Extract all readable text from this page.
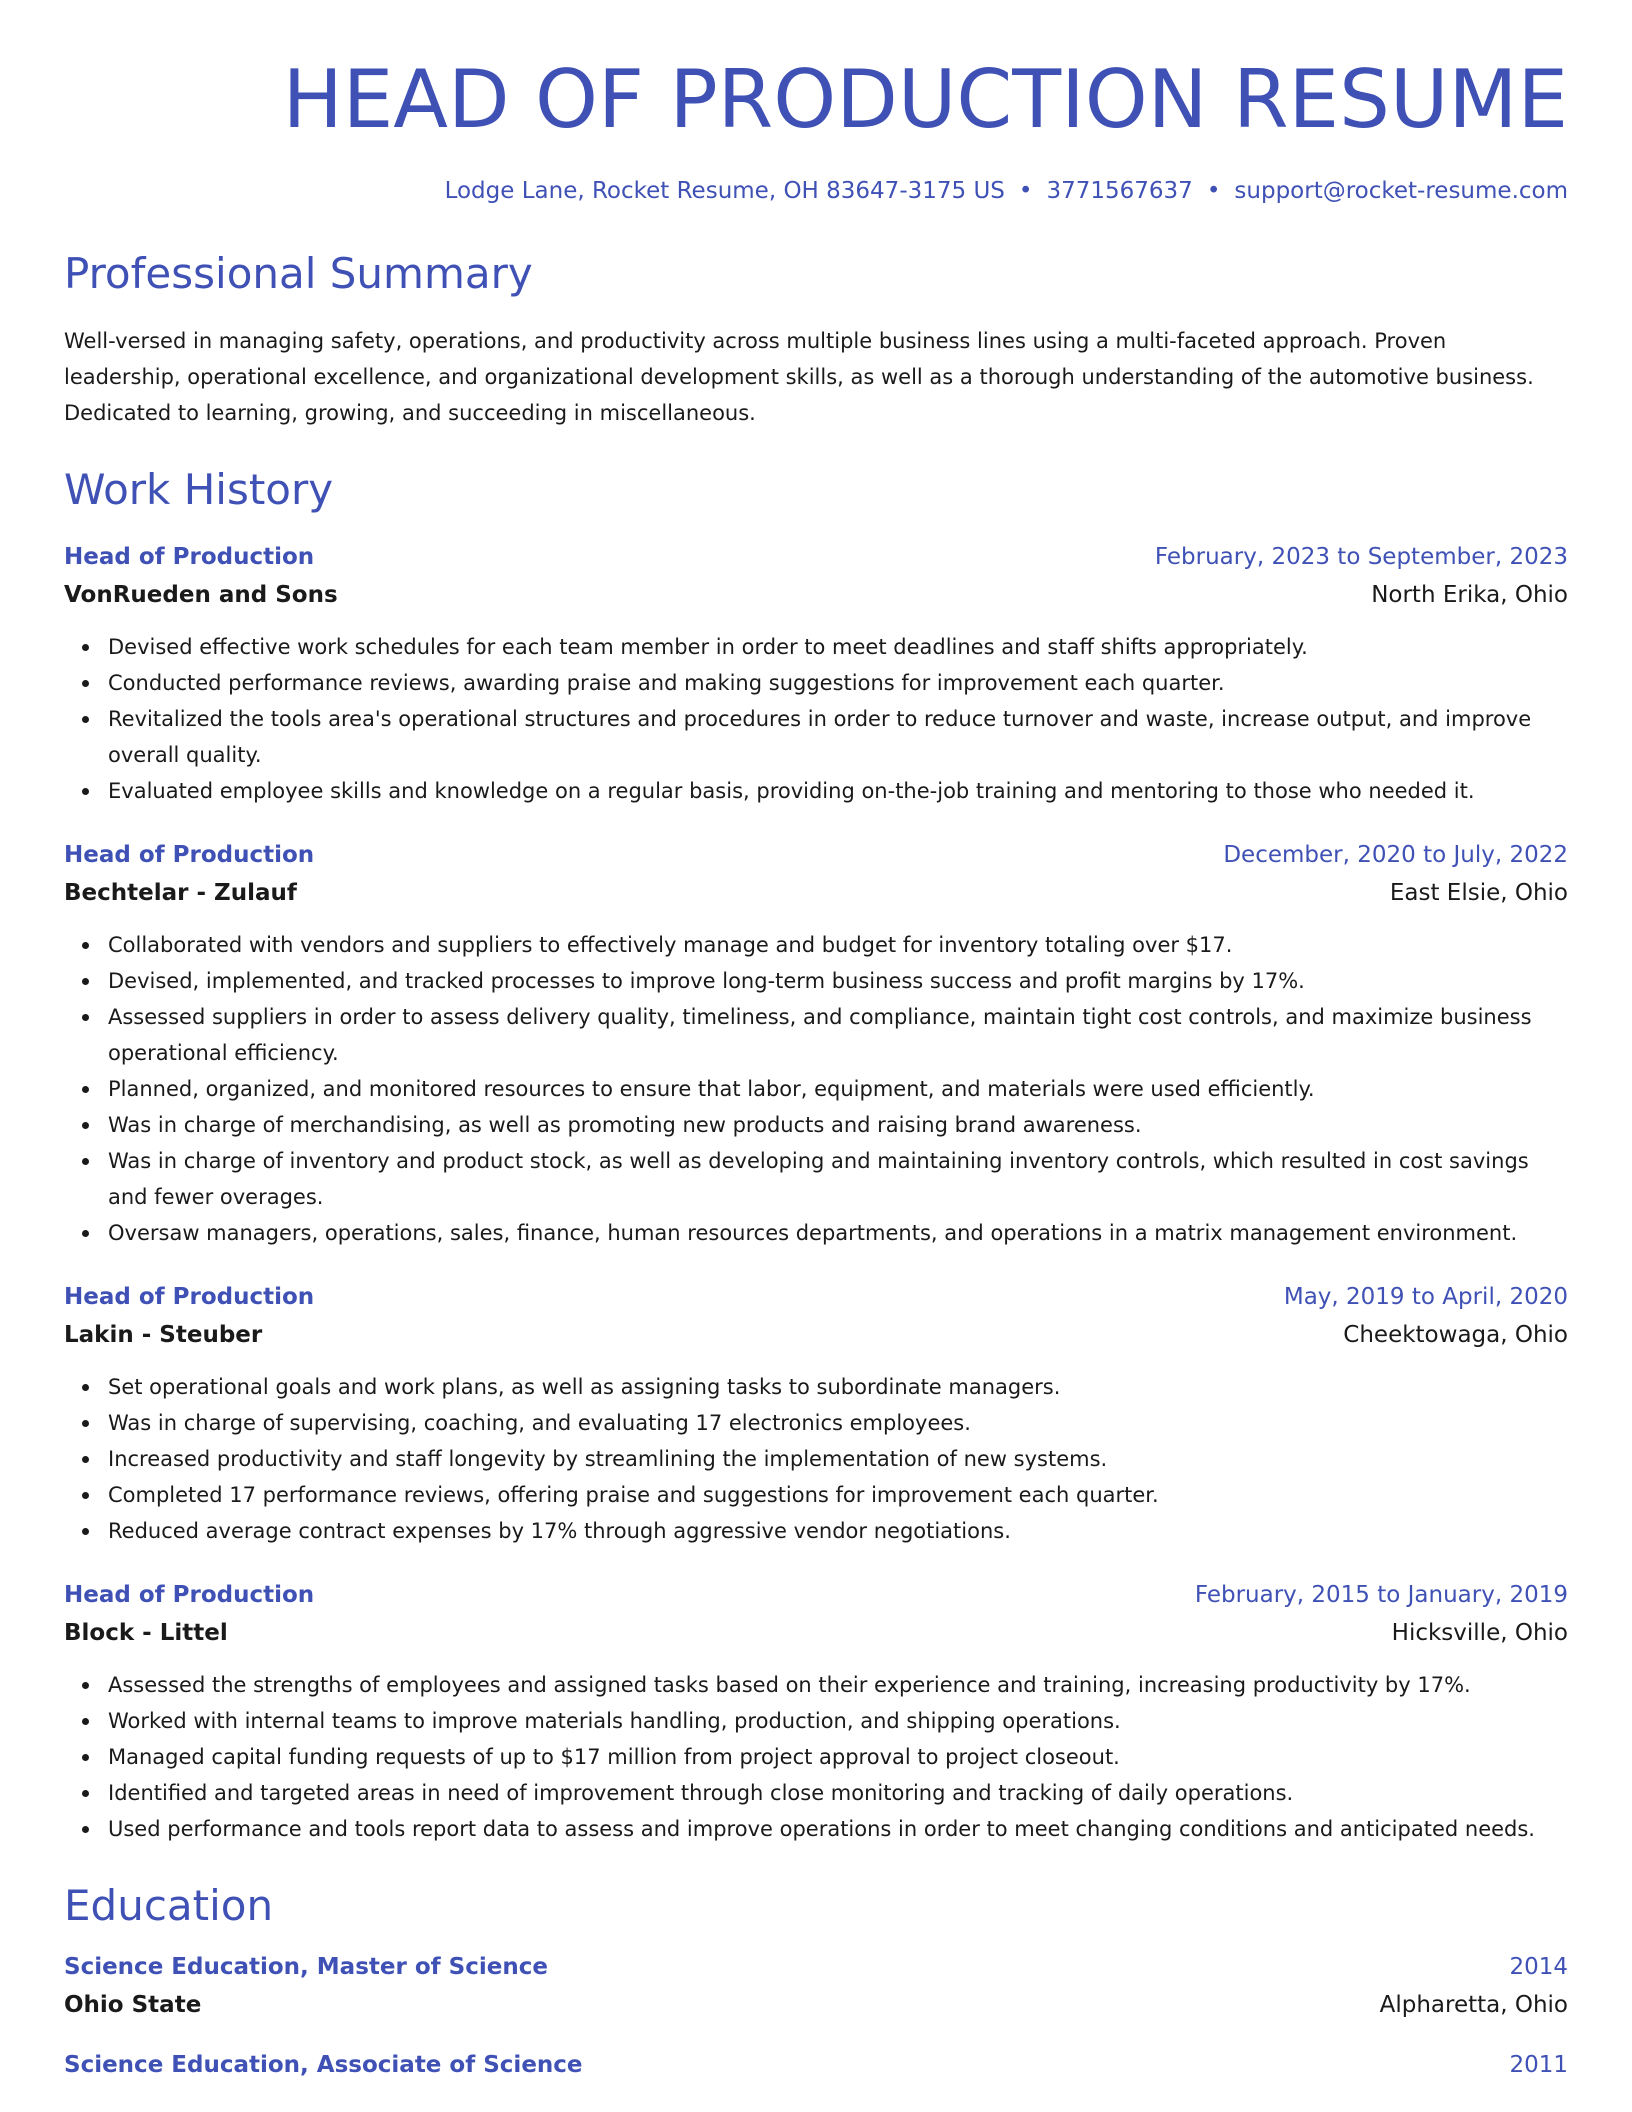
HEAD OF PRODUCTION RESUME
Lodge Lane, Rocket Resume, OH 83647-3175 US • 3771567637 • support@rocket-resume.com
Professional Summary
Well-versed in managing safety, operations, and productivity across multiple business lines using a multi-faceted approach. Proven leadership, operational excellence, and organizational development skills, as well as a thorough understanding of the automotive business. Dedicated to learning, growing, and succeeding in miscellaneous.
Work History
Head of Production	February, 2023 to September, 2023
VonRueden and Sons	North Erika, Ohio
Devised effective work schedules for each team member in order to meet deadlines and staff shifts appropriately.
Conducted performance reviews, awarding praise and making suggestions for improvement each quarter.
Revitalized the tools area's operational structures and procedures in order to reduce turnover and waste, increase output, and improve overall quality.
Evaluated employee skills and knowledge on a regular basis, providing on-the-job training and mentoring to those who needed it.
Head of Production	December, 2020 to July, 2022
Bechtelar - Zulauf	East Elsie, Ohio
Collaborated with vendors and suppliers to effectively manage and budget for inventory totaling over $17.
Devised, implemented, and tracked processes to improve long-term business success and profit margins by 17%.
Assessed suppliers in order to assess delivery quality, timeliness, and compliance, maintain tight cost controls, and maximize business operational efficiency.
Planned, organized, and monitored resources to ensure that labor, equipment, and materials were used efficiently.
Was in charge of merchandising, as well as promoting new products and raising brand awareness.
Was in charge of inventory and product stock, as well as developing and maintaining inventory controls, which resulted in cost savings and fewer overages.
Oversaw managers, operations, sales, finance, human resources departments, and operations in a matrix management environment.
Head of Production	May, 2019 to April, 2020
Lakin - Steuber	Cheektowaga, Ohio
Set operational goals and work plans, as well as assigning tasks to subordinate managers.
Was in charge of supervising, coaching, and evaluating 17 electronics employees.
Increased productivity and staff longevity by streamlining the implementation of new systems.
Completed 17 performance reviews, offering praise and suggestions for improvement each quarter.
Reduced average contract expenses by 17% through aggressive vendor negotiations.
Head of Production	February, 2015 to January, 2019
Block - Littel	Hicksville, Ohio
Assessed the strengths of employees and assigned tasks based on their experience and training, increasing productivity by 17%.
Worked with internal teams to improve materials handling, production, and shipping operations.
Managed capital funding requests of up to $17 million from project approval to project closeout.
Identified and targeted areas in need of improvement through close monitoring and tracking of daily operations.
Used performance and tools report data to assess and improve operations in order to meet changing conditions and anticipated needs.
Education
Science Education, Master of Science	2014
Ohio State	Alpharetta, Ohio
Science Education, Associate of Science	2011
